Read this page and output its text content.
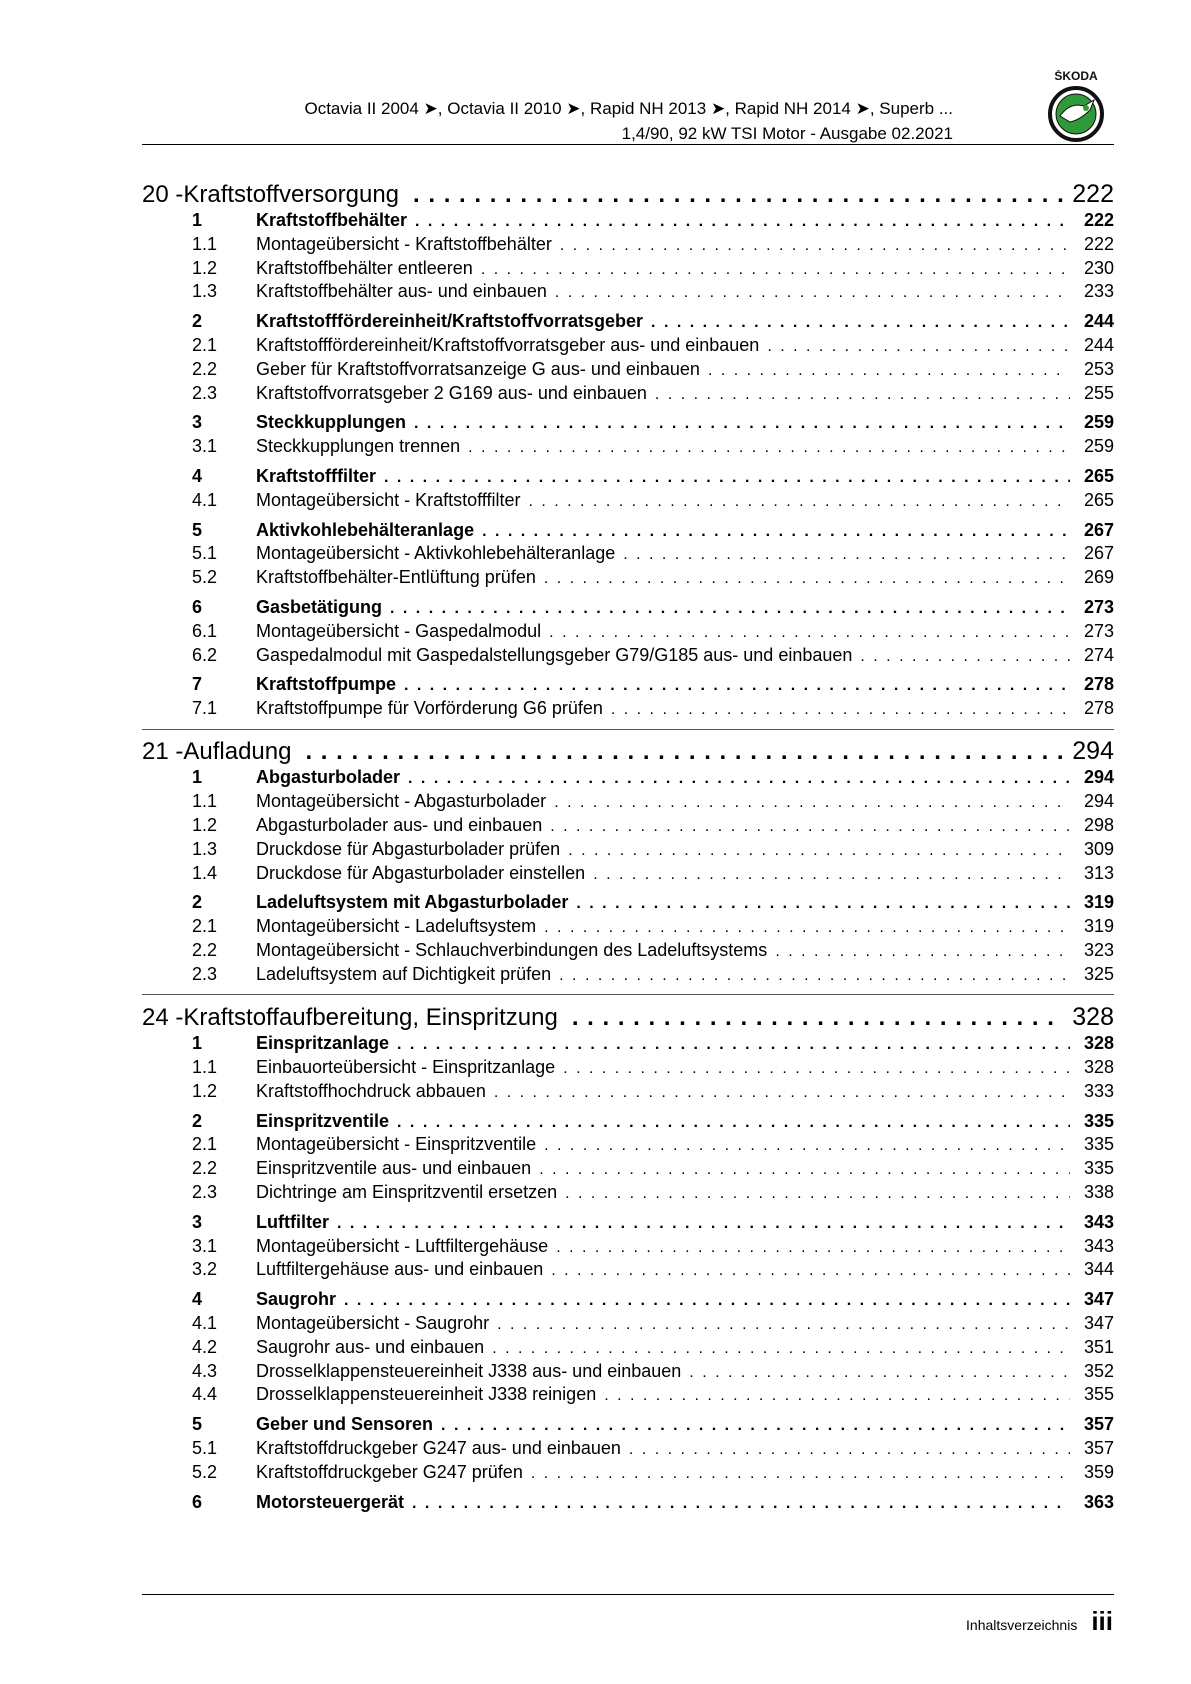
Octavia II 2004 ➤, Octavia II 2010 ➤, Rapid NH 2013 ➤, Rapid NH 2014 ➤, Superb ...
1,4/90, 92 kW TSI Motor - Ausgabe 02.2021
ŠKODA
20 - Kraftstoffversorgung . . .	222
1	Kraftstoffbehälter . . .	222
1.1	Montageübersicht - Kraftstoffbehälter . . .	222
1.2	Kraftstoffbehälter entleeren . . .	230
1.3	Kraftstoffbehälter aus- und einbauen . . .	233
2	Kraftstofffördereinheit/Kraftstoffvorratsgeber . . .	244
2.1	Kraftstofffördereinheit/Kraftstoffvorratsgeber aus- und einbauen . . .	244
2.2	Geber für Kraftstoffvorratsanzeige G aus- und einbauen . . .	253
2.3	Kraftstoffvorratsgeber 2 G169 aus- und einbauen . . .	255
3	Steckkupplungen . . .	259
3.1	Steckkupplungen trennen . . .	259
4	Kraftstofffilter . . .	265
4.1	Montageübersicht - Kraftstofffilter . . .	265
5	Aktivkohlebehälteranlage . . .	267
5.1	Montageübersicht - Aktivkohlebehälteranlage . . .	267
5.2	Kraftstoffbehälter-Entlüftung prüfen . . .	269
6	Gasbetätigung . . .	273
6.1	Montageübersicht - Gaspedalmodul . . .	273
6.2	Gaspedalmodul mit Gaspedalstellungsgeber G79/G185 aus- und einbauen . . .	274
7	Kraftstoffpumpe . . .	278
7.1	Kraftstoffpumpe für Vorförderung G6 prüfen . . .	278
21 - Aufladung . . .	294
1	Abgasturbolader . . .	294
1.1	Montageübersicht - Abgasturbolader . . .	294
1.2	Abgasturbolader aus- und einbauen . . .	298
1.3	Druckdose für Abgasturbolader prüfen . . .	309
1.4	Druckdose für Abgasturbolader einstellen . . .	313
2	Ladeluftsystem mit Abgasturbolader . . .	319
2.1	Montageübersicht - Ladeluftsystem . . .	319
2.2	Montageübersicht - Schlauchverbindungen des Ladeluftsystems . . .	323
2.3	Ladeluftsystem auf Dichtigkeit prüfen . . .	325
24 - Kraftstoffaufbereitung, Einspritzung . . .	328
1	Einspritzanlage . . .	328
1.1	Einbauorteübersicht - Einspritzanlage . . .	328
1.2	Kraftstoffhochdruck abbauen . . .	333
2	Einspritzventile . . .	335
2.1	Montageübersicht - Einspritzventile . . .	335
2.2	Einspritzventile aus- und einbauen . . .	335
2.3	Dichtringe am Einspritzventil ersetzen . . .	338
3	Luftfilter . . .	343
3.1	Montageübersicht - Luftfiltergehäuse . . .	343
3.2	Luftfiltergehäuse aus- und einbauen . . .	344
4	Saugrohr . . .	347
4.1	Montageübersicht - Saugrohr . . .	347
4.2	Saugrohr aus- und einbauen . . .	351
4.3	Drosselklappensteuereinheit J338 aus- und einbauen . . .	352
4.4	Drosselklappensteuereinheit J338 reinigen . . .	355
5	Geber und Sensoren . . .	357
5.1	Kraftstoffdruckgeber G247 aus- und einbauen . . .	357
5.2	Kraftstoffdruckgeber G247 prüfen . . .	359
6	Motorsteuergerät . . .	363
Inhaltsverzeichnis iii
